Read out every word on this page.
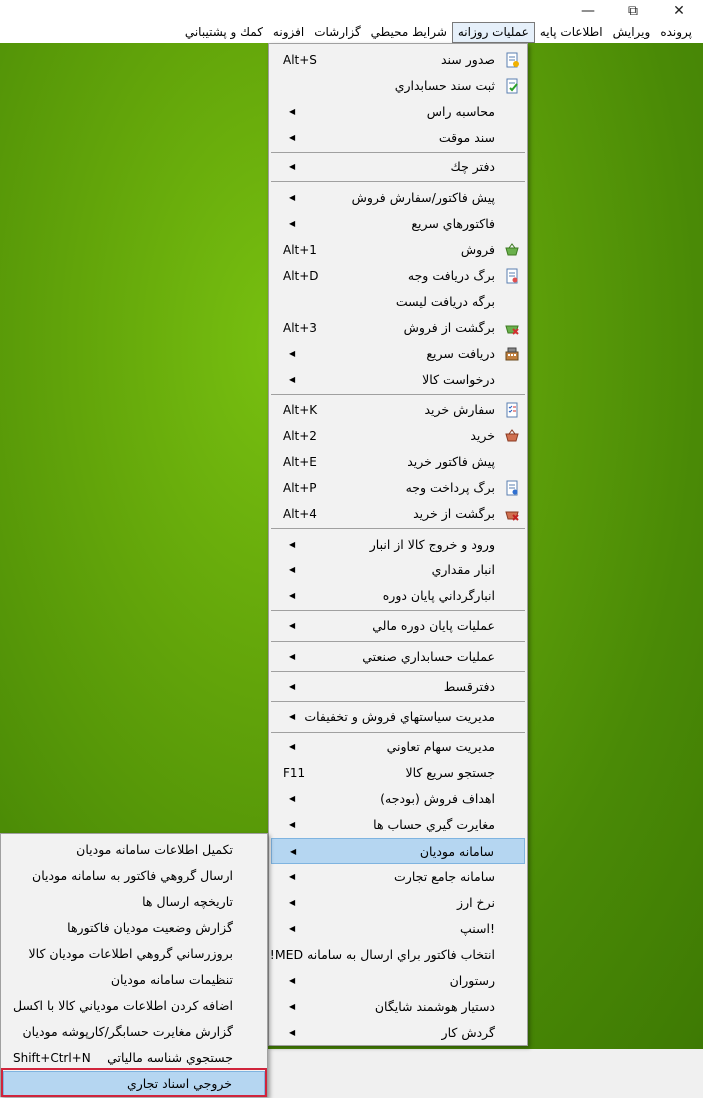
—	⧉	✕
پرونده
ويرايش
اطلاعات پايه
عمليات روزانه
شرايط محيطي
گزارشات
افزونه
كمك و پشتيباني
صدور سند
Alt+S
ثبت سند حسابداري
محاسبه راس
◀
سند موقت
◀
دفتر چك
◀
پيش فاكتور/سفارش فروش
◀
فاكتورهاي سريع
◀
فروش
Alt+1
برگ دريافت وجه
Alt+D
برگه دريافت ليست
برگشت از فروش
Alt+3
دريافت سريع
◀
درخواست كالا
◀
سفارش خريد
Alt+K
خريد
Alt+2
پيش فاكتور خريد
Alt+E
برگ پرداخت وجه
Alt+P
برگشت از خريد
Alt+4
ورود و خروج كالا از انبار
◀
انبار مقداري
◀
انبارگرداني پايان دوره
◀
عمليات پايان دوره مالي
◀
عمليات حسابداري صنعتي
◀
دفترقسط
◀
مديريت سياستهاي فروش و تخفيفات
◀
مديريت سهام تعاوني
◀
جستجو سريع كالا
F11
اهداف فروش (بودجه)
◀
مغايرت گيري حساب ها
◀
سامانه موديان
◀
سامانه جامع تجارت
◀
نرخ ارز
◀
!اسنپ
◀
انتخاب فاكتور براي ارسال به سامانه MED!
رستوران
◀
دستيار هوشمند شايگان
◀
گردش كار
◀
تكميل اطلاعات سامانه موديان
ارسال گروهي فاكتور به سامانه موديان
تاريخچه ارسال ها
گزارش وضعيت موديان فاكتورها
بروزرساني گروهي اطلاعات موديان كالا
تنظيمات سامانه موديان
اضافه كردن اطلاعات مودياني كالا با اكسل
گزارش مغايرت حسابگر/كارپوشه موديان
جستجوي شناسه مالياتي
Shift+Ctrl+N
خروجي اسناد تجاري
